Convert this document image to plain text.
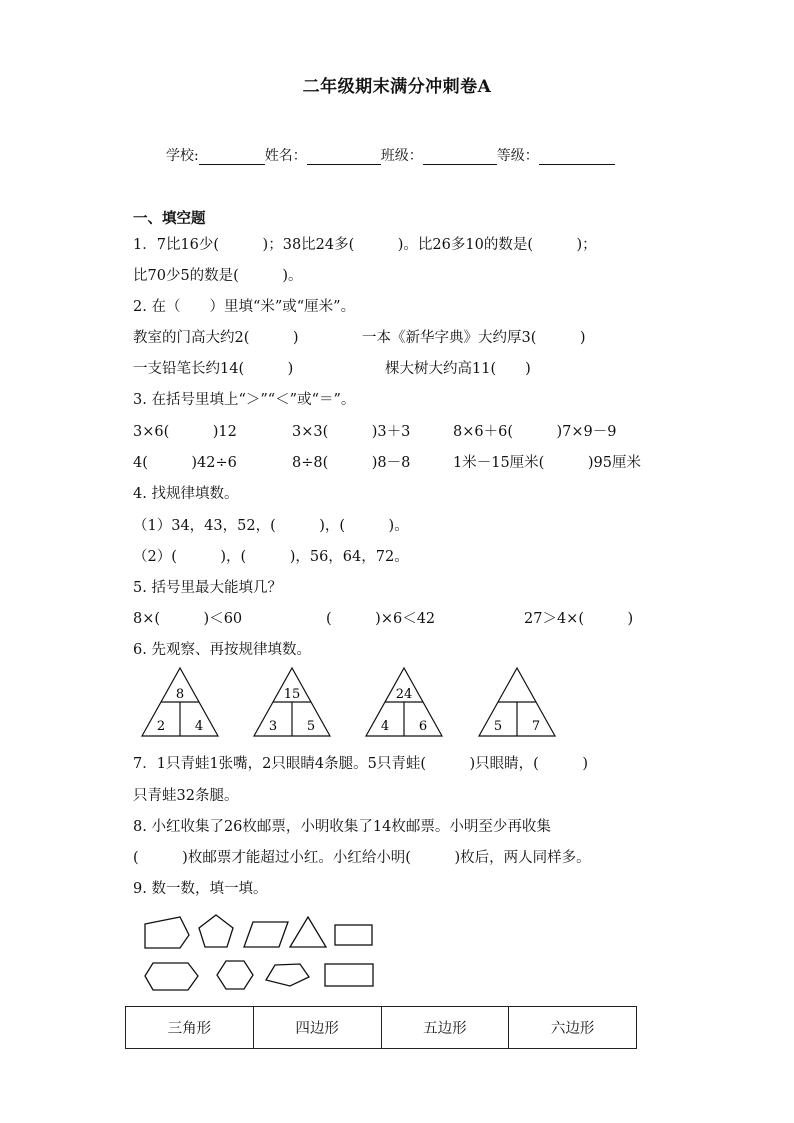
二年级期末满分冲刺卷A
学校:	姓名：	班级：	等级：
一、填空题
1．7比16少(　　　)；38比24多(　　　)。比26多10的数是(　　　)；
比70少5的数是(　　　)。
2. 在（　　）里填“米”或“厘米”。
教室的门高大约2(　　　)	一本《新华字典》大约厚3(　　　)
一支铅笔长约14(　　　)	棵大树大约高11(　　)
3. 在括号里填上“＞”“＜”或“＝”。
3×6(　　　)12	3×3(　　　)3＋3	8×6＋6(　　　)7×9－9
4(　　　)42÷6	8÷8(　　　)8－8	1米－15厘米(　　　)95厘米
4. 找规律填数。
（1）34，43，52，(　　　)，(　　　)。
（2）(　　　)，(　　　)，56，64，72。
5. 括号里最大能填几？
8×(　　　)＜60	(　　　)×6＜42	27＞4×(　　　)
6. 先观察、再按规律填数。
8
2 4
15
3 5
24
4 6	5 7
7．1只青蛙1张嘴，2只眼睛4条腿。5只青蛙(　　　)只眼睛，(　　　)
只青蛙32条腿。
8. 小红收集了26枚邮票，小明收集了14枚邮票。小明至少再收集
(　　　)枚邮票才能超过小红。小红给小明(　　　)枚后，两人同样多。
9. 数一数，填一填。
三角形	四边形	五边形	六边形
